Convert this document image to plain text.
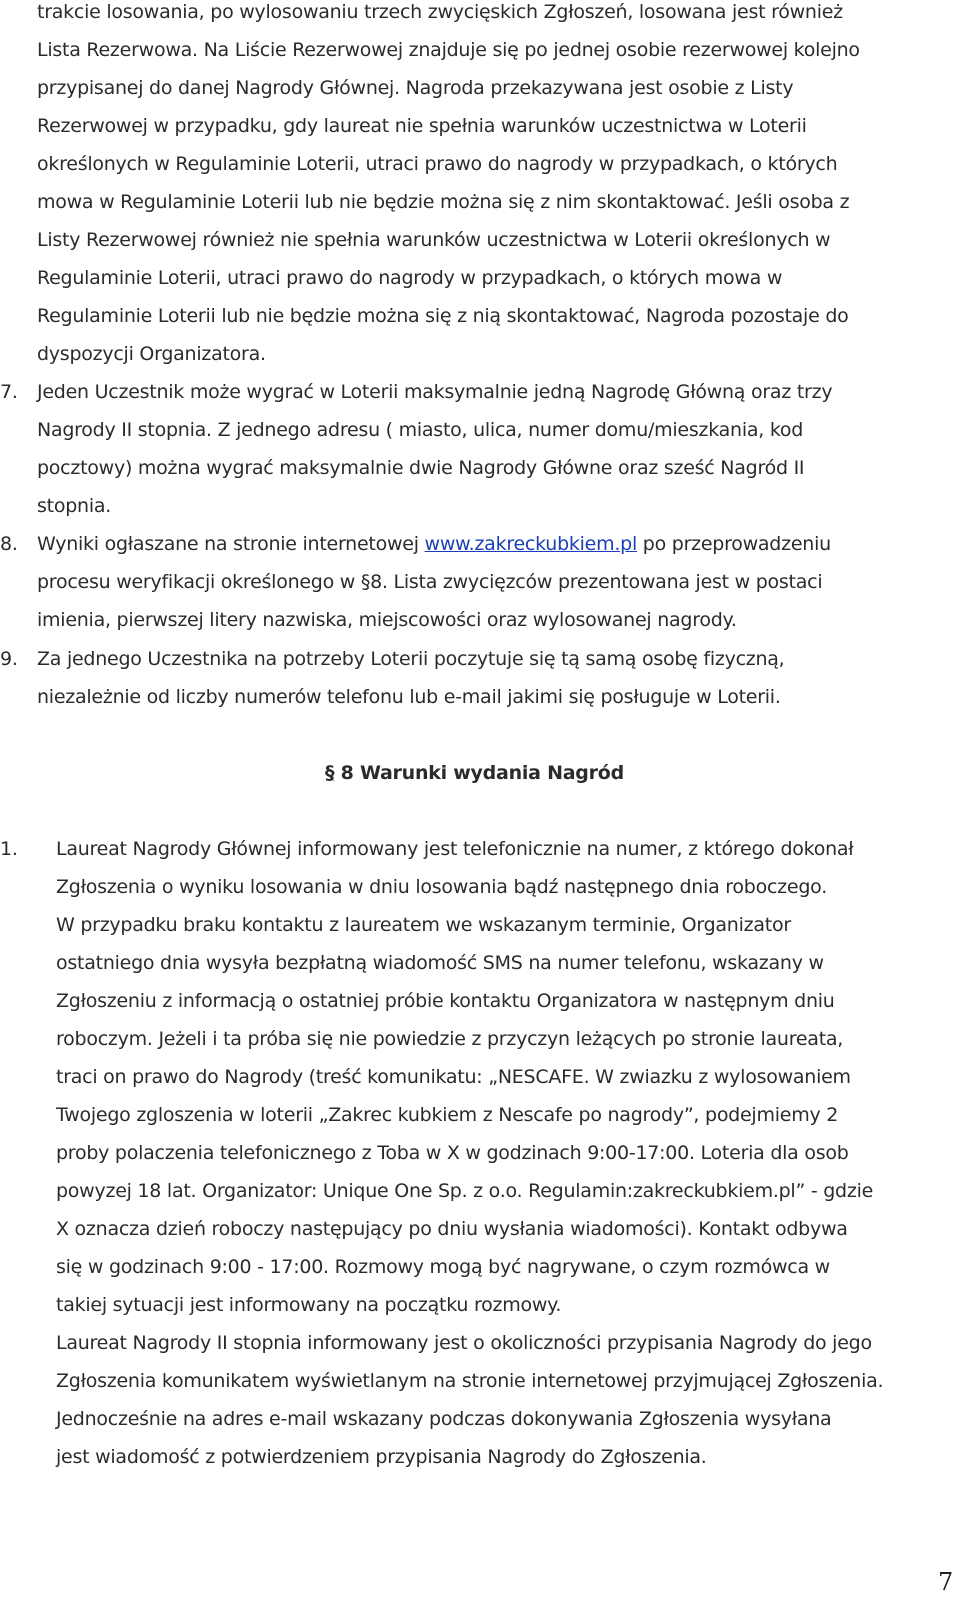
trakcie losowania, po wylosowaniu trzech zwycięskich Zgłoszeń, losowana jest również
Lista Rezerwowa. Na Liście Rezerwowej znajduje się po jednej osobie rezerwowej kolejno
przypisanej do danej Nagrody Głównej. Nagroda przekazywana jest osobie z Listy
Rezerwowej w przypadku, gdy laureat nie spełnia warunków uczestnictwa w Loterii
określonych w Regulaminie Loterii, utraci prawo do nagrody w przypadkach, o których
mowa w Regulaminie Loterii lub nie będzie można się z nim skontaktować. Jeśli osoba z
Listy Rezerwowej również nie spełnia warunków uczestnictwa w Loterii określonych w
Regulaminie Loterii, utraci prawo do nagrody w przypadkach, o których mowa w
Regulaminie Loterii lub nie będzie można się z nią skontaktować, Nagroda pozostaje do
dyspozycji Organizatora.
7. Jeden Uczestnik może wygrać w Loterii maksymalnie jedną Nagrodę Główną oraz trzy
Nagrody II stopnia. Z jednego adresu ( miasto, ulica, numer domu/mieszkania, kod
pocztowy) można wygrać maksymalnie dwie Nagrody Główne oraz sześć Nagród II
stopnia.
8. Wyniki ogłaszane na stronie internetowej www.zakreckubkiem.pl po przeprowadzeniu
procesu weryfikacji określonego w §8. Lista zwycięzców prezentowana jest w postaci
imienia, pierwszej litery nazwiska, miejscowości oraz wylosowanej nagrody.
9. Za jednego Uczestnika na potrzeby Loterii poczytuje się tą samą osobę fizyczną,
niezależnie od liczby numerów telefonu lub e-mail jakimi się posługuje w Loterii.
§ 8 Warunki wydania Nagród
1. Laureat Nagrody Głównej informowany jest telefonicznie na numer, z którego dokonał
Zgłoszenia o wyniku losowania w dniu losowania bądź następnego dnia roboczego.
W przypadku braku kontaktu z laureatem we wskazanym terminie, Organizator
ostatniego dnia wysyła bezpłatną wiadomość SMS na numer telefonu, wskazany w
Zgłoszeniu z informacją o ostatniej próbie kontaktu Organizatora w następnym dniu
roboczym. Jeżeli i ta próba się nie powiedzie z przyczyn leżących po stronie laureata,
traci on prawo do Nagrody (treść komunikatu: „NESCAFE. W zwiazku z wylosowaniem
Twojego zgloszenia w loterii „Zakrec kubkiem z Nescafe po nagrody”, podejmiemy 2
proby polaczenia telefonicznego z Toba w X w godzinach 9:00-17:00. Loteria dla osob
powyzej 18 lat. Organizator: Unique One Sp. z o.o. Regulamin:zakreckubkiem.pl” - gdzie
X oznacza dzień roboczy następujący po dniu wysłania wiadomości). Kontakt odbywa
się w godzinach 9:00 - 17:00. Rozmowy mogą być nagrywane, o czym rozmówca w
takiej sytuacji jest informowany na początku rozmowy.
Laureat Nagrody II stopnia informowany jest o okoliczności przypisania Nagrody do jego
Zgłoszenia komunikatem wyświetlanym na stronie internetowej przyjmującej Zgłoszenia.
Jednocześnie na adres e-mail wskazany podczas dokonywania Zgłoszenia wysyłana
jest wiadomość z potwierdzeniem przypisania Nagrody do Zgłoszenia.
7
